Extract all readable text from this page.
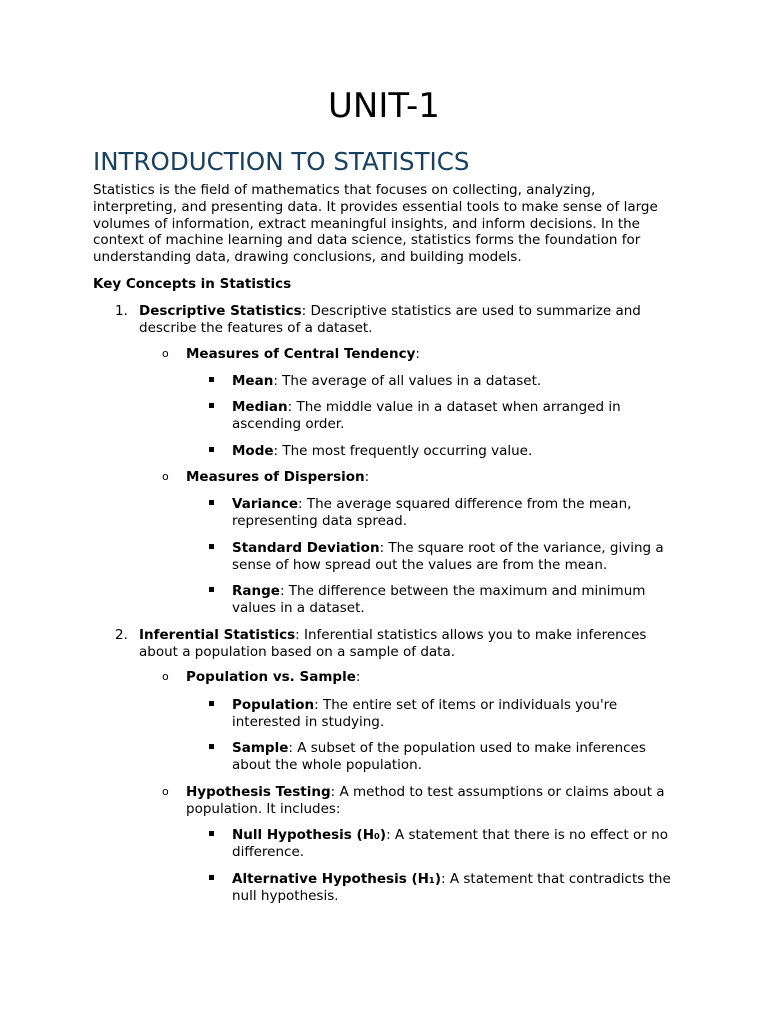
UNIT-1
INTRODUCTION TO STATISTICS

Statistics is the field of mathematics that focuses on collecting, analyzing, interpreting, and presenting data. It provides essential tools to make sense of large volumes of information, extract meaningful insights, and inform decisions. In the context of machine learning and data science, statistics forms the foundation for understanding data, drawing conclusions, and building models.

Key Concepts in Statistics

1. Descriptive Statistics: Descriptive statistics are used to summarize and describe the features of a dataset.
o Measures of Central Tendency:
Mean: The average of all values in a dataset.
Median: The middle value in a dataset when arranged in ascending order.
Mode: The most frequently occurring value.
o Measures of Dispersion:
Variance: The average squared difference from the mean, representing data spread.
Standard Deviation: The square root of the variance, giving a sense of how spread out the values are from the mean.
Range: The difference between the maximum and minimum values in a dataset.
2. Inferential Statistics: Inferential statistics allows you to make inferences about a population based on a sample of data.
o Population vs. Sample:
Population: The entire set of items or individuals you're interested in studying.
Sample: A subset of the population used to make inferences about the whole population.
o Hypothesis Testing: A method to test assumptions or claims about a population. It includes:
Null Hypothesis (H₀): A statement that there is no effect or no difference.
Alternative Hypothesis (H₁): A statement that contradicts the null hypothesis.
